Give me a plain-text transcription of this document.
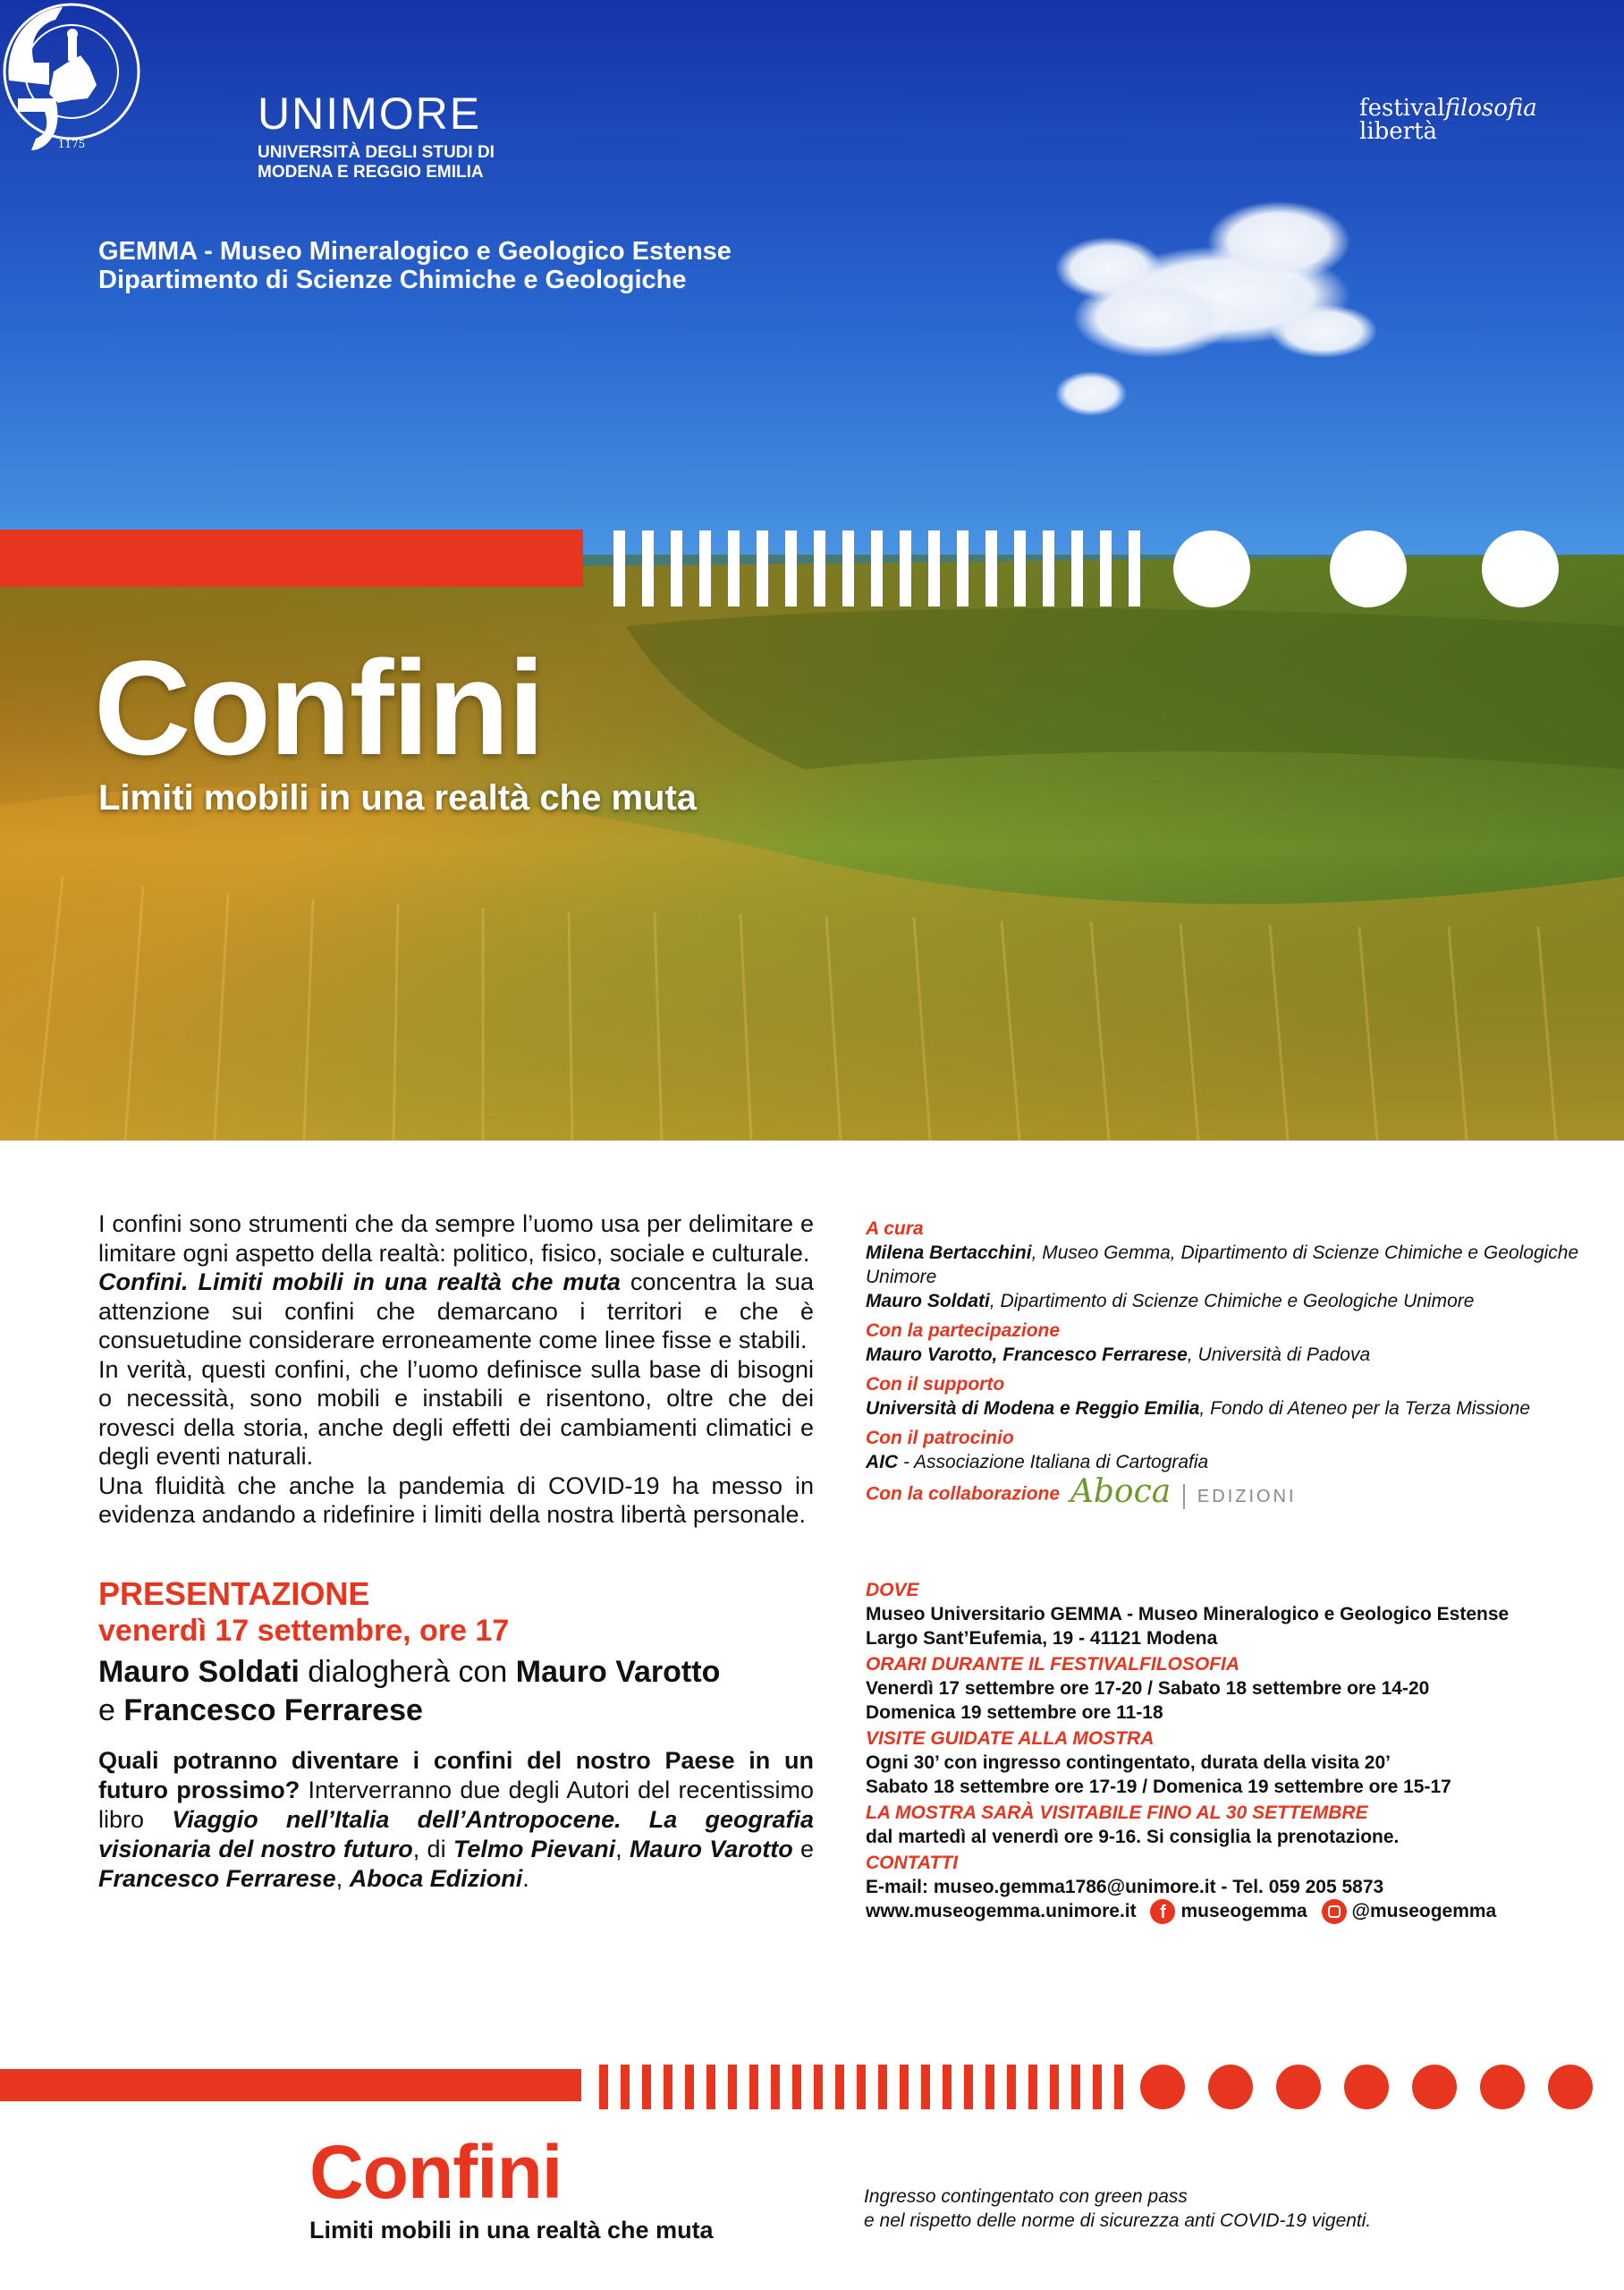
1175
UNIMORE
UNIVERSITÀ DEGLI STUDI DI
MODENA E REGGIO EMILIA
GEMMA - Museo Mineralogico e Geologico Estense
Dipartimento di Scienze Chimiche e Geologiche
festivalfilosofia
libertà
Confini
Limiti mobili in una realtà che muta

I confini sono strumenti che da sempre l’uomo usa per delimitare e limitare ogni aspetto della realtà: politico, fisico, sociale e culturale.
Confini. Limiti mobili in una realtà che muta concentra la sua attenzione sui confini che demarcano i territori e che è consuetudine considerare erroneamente come linee fisse e stabili.

In verità, questi confini, che l’uomo definisce sulla base di bisogni o necessità, sono mobili e instabili e risentono, oltre che dei rovesci della storia, anche degli effetti dei cambiamenti climatici e degli eventi naturali.

Una fluidità che anche la pandemia di COVID-19 ha messo in evidenza andando a ridefinire i limiti della nostra libertà personale.

PRESENTAZIONE
venerdì 17 settembre, ore 17
Mauro Soldati dialogherà con Mauro Varotto
e Francesco Ferrarese
Quali potranno diventare i confini del nostro Paese in un futuro prossimo? Interverranno due degli Autori del recentissimo libro Viaggio nell’Italia dell’Antropocene. La geografia visionaria del nostro futuro, di Telmo Pievani, Mauro Varotto e Francesco Ferrarese, Aboca Edizioni.
A cura
Milena Bertacchini, Museo Gemma, Dipartimento di Scienze Chimiche e Geologiche Unimore
Mauro Soldati, Dipartimento di Scienze Chimiche e Geologiche Unimore
Con la partecipazione
Mauro Varotto, Francesco Ferrarese, Università di Padova
Con il supporto
Università di Modena e Reggio Emilia, Fondo di Ateneo per la Terza Missione
Con il patrocinio
AIC - Associazione Italiana di Cartografia
Con la collaborazione Aboca EDIZIONI
DOVE
Museo Universitario GEMMA - Museo Mineralogico e Geologico Estense
Largo Sant’Eufemia, 19 - 41121 Modena
ORARI DURANTE IL FESTIVALFILOSOFIA
Venerdì 17 settembre ore 17-20 / Sabato 18 settembre ore 14-20
Domenica 19 settembre ore 11-18
VISITE GUIDATE ALLA MOSTRA
Ogni 30’ con ingresso contingentato, durata della visita 20’
Sabato 18 settembre ore 17-19 / Domenica 19 settembre ore 15-17
LA MOSTRA SARÀ VISITABILE FINO AL 30 SETTEMBRE
dal martedì al venerdì ore 9-16. Si consiglia la prenotazione.
CONTATTI
E-mail: museo.gemma1786@unimore.it - Tel. 059 205 5873
www.museogemma.unimore.it f museogemma @museogemma
Confini
Limiti mobili in una realtà che muta
Ingresso contingentato con green pass
e nel rispetto delle norme di sicurezza anti COVID-19 vigenti.
